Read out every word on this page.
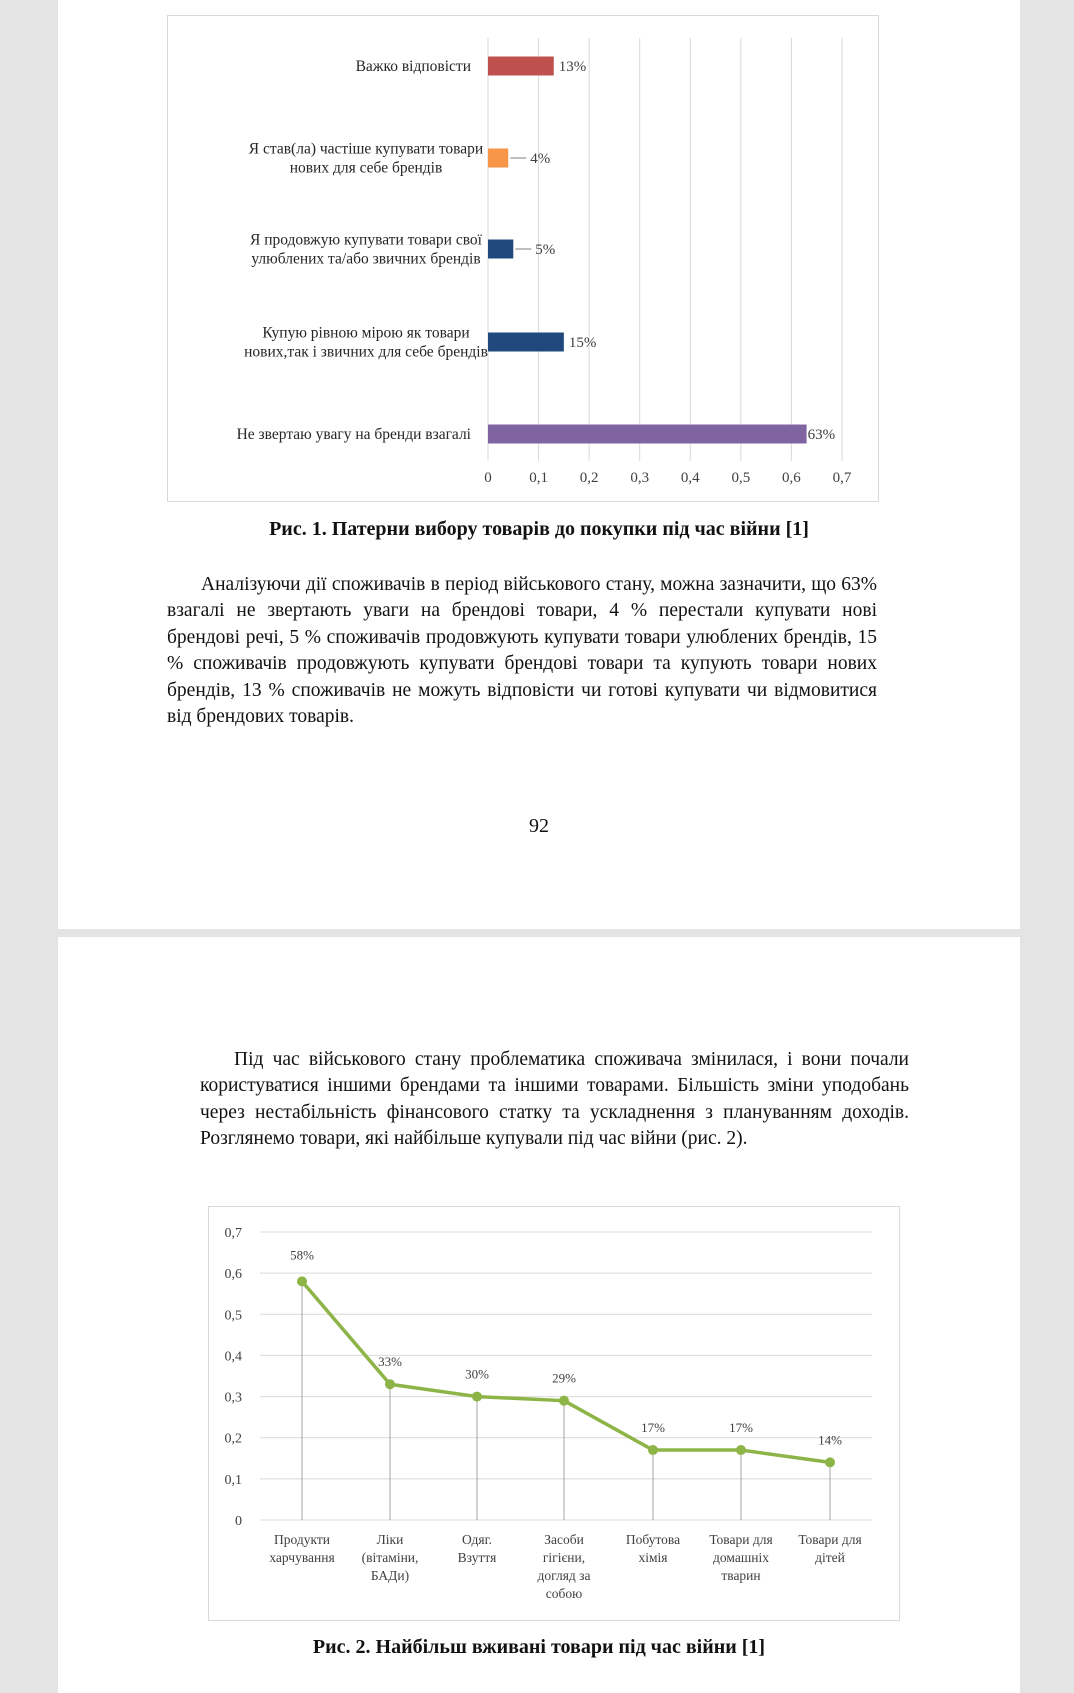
0 0,1 0,2 0,3 0,4 0,5 0,6 0,7
13%
Важко відповісти
4%
Я став(ла) частіше купувати товари
нових для себе брендів
5%
Я продовжую купувати товари свої
улюблених та/або звичних брендів
15%
Купую рівною мірою як товари
нових,так і звичних для себе брендів
63%
Не звертаю увагу на бренди взагалі
Рис. 1. Патерни вибору товарів до покупки під час війни [1]

Аналізуючи дії споживачів в період військового стану, можна зазначити, що 63% взагалі не звертають уваги на брендові товари, 4 % перестали купувати нові брендові речі, 5 % споживачів продовжують купувати товари улюблених брендів, 15 % споживачів продовжують купувати брендові товари та купують товари нових брендів, 13 % споживачів не можуть відповісти чи готові купувати чи відмовитися від брендових товарів.

92

Під час військового стану проблематика споживача змінилася, і вони почали користуватися іншими брендами та іншими товарами. Більшість зміни уподобань через нестабільність фінансового статку та ускладнення з плануванням доходів. Розглянемо товари, які найбільше купували під час війни (рис. 2).

0
0,1
0,2
0,3
0,4
0,5
0,6
0,7
58%
Продукти
харчування
33%
Ліки
(вітаміни,
БАДи)
30%
Одяг.
Взуття
29%
Засоби
гігієни,
догляд за
собою
17%
Побутова
хімія
17%
Товари для
домашніх
тварин
14%
Товари для
дітей
Рис. 2. Найбільш вживані товари під час війни [1]
